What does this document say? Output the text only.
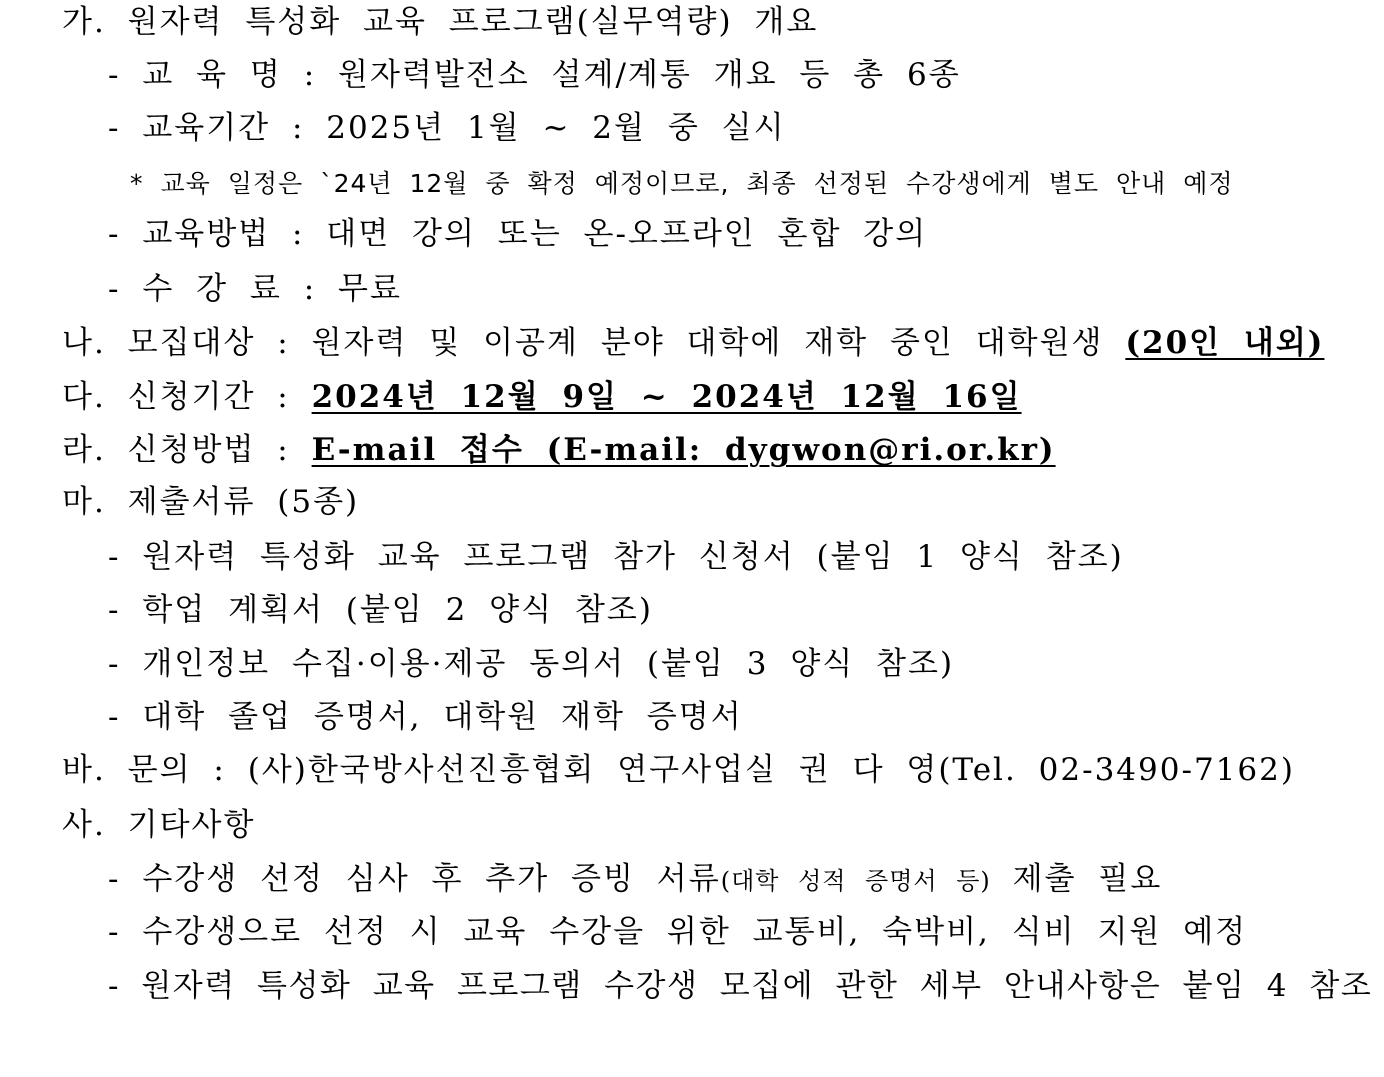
가. 원자력 특성화 교육 프로그램(실무역량) 개요
- 교 육 명 : 원자력발전소 설계/계통 개요 등 총 6종
- 교육기간 : 2025년 1월 ~ 2월 중 실시
* 교육 일정은 `24년 12월 중 확정 예정이므로, 최종 선정된 수강생에게 별도 안내 예정
- 교육방법 : 대면 강의 또는 온-오프라인 혼합 강의
- 수 강 료 : 무료
나. 모집대상 : 원자력 및 이공계 분야 대학에 재학 중인 대학원생 (20인 내외)
다. 신청기간 : 2024년 12월 9일 ~ 2024년 12월 16일
라. 신청방법 : E-mail 접수 (E-mail: dygwon@ri.or.kr)
마. 제출서류 (5종)
- 원자력 특성화 교육 프로그램 참가 신청서 (붙임 1 양식 참조)
- 학업 계획서 (붙임 2 양식 참조)
- 개인정보 수집·이용·제공 동의서 (붙임 3 양식 참조)
- 대학 졸업 증명서, 대학원 재학 증명서
바. 문의 : (사)한국방사선진흥협회 연구사업실 권 다 영(Tel. 02-3490-7162)
사. 기타사항
- 수강생 선정 심사 후 추가 증빙 서류(대학 성적 증명서 등) 제출 필요
- 수강생으로 선정 시 교육 수강을 위한 교통비, 숙박비, 식비 지원 예정
- 원자력 특성화 교육 프로그램 수강생 모집에 관한 세부 안내사항은 붙임 4 참조
